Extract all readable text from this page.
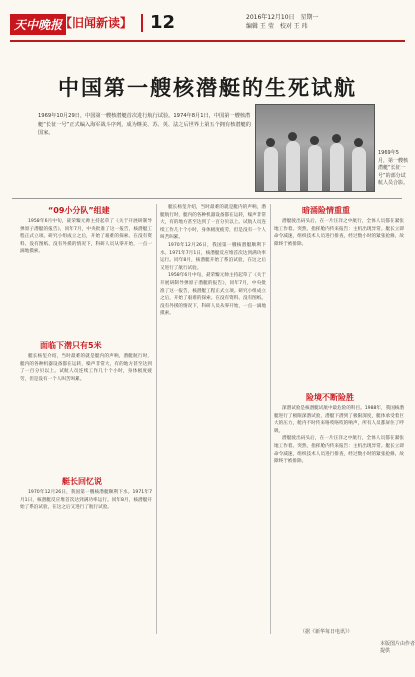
天中晚报
【旧闻新读】 12	2016年12月10日　星期一
编辑 王 莹　校对 王 玮
中国第一艘核潜艇的生死试航
1969年10月29日，中国第一艘核潜艇首次进行航行试验。1974年8月1日，中国第一艘核潜艇“长征一号”正式编入海军战斗序列，成为继美、苏、英、法之后世界上第五个拥有核潜艇的国家。
1969年5月，第一艘核潜艇“长征一号”的部分试航人员合影。
“09小分队”组建

1958年6月中旬，聂荣臻元帅主持起草了《关于开展研制导弹原子潜艇的报告》，同年7月，中央批准了这一报告，核潜艇工程正式立项。研究小组成立之后，开始了艰难的探索。在没有资料、没有图纸、没有外援的情况下，科研人员从零开始，一点一滴地摸索。

面临下潜只有5米

艇长杨玺介绍，当时最难的就是艇内的声响，潜艇航行时，艇内的各种机器设备都在运转，噪声非常大，有的地方甚至达到了一百分贝以上。试航人员连续工作几十个小时，身体极度疲劳，但是没有一个人叫苦叫累。

艇长回忆说

1970年12月26日，我国第一艘核潜艇顺利下水。1971年7月1日，核潜艇反应堆首次达到满功率运行。同年8月，核潜艇开始了系泊试验，在这之后又进行了航行试验。

艇长杨玺介绍，当时最难的就是艇内的声响，潜艇航行时，艇内的各种机器设备都在运转，噪声非常大，有的地方甚至达到了一百分贝以上。试航人员连续工作几十个小时，身体极度疲劳，但是没有一个人叫苦叫累。

1970年12月26日，我国第一艘核潜艇顺利下水。1971年7月1日，核潜艇反应堆首次达到满功率运行。同年8月，核潜艇开始了系泊试验，在这之后又进行了航行试验。

1958年6月中旬，聂荣臻元帅主持起草了《关于开展研制导弹原子潜艇的报告》，同年7月，中央批准了这一报告，核潜艇工程正式立项。研究小组成立之后，开始了艰难的探索。在没有资料、没有图纸、没有外援的情况下，科研人员从零开始，一点一滴地摸索。

暗涌险情重重

潜艇驶出码头后，在一片汪洋之中航行，全体人员都在紧张地工作着。突然，指挥舱内传来报告：主机出现异常。艇长立即命令减速，组织技术人员进行排查，经过数小时的紧张抢修，故障终于被排除。

险境不断险胜

深潜试验是核潜艇试航中最危险的科目。1988年，我国核潜艇进行了极限深潜试验，潜艇下潜到了极限深度，艇体承受着巨大的压力，舱内不时传来咯吱咯吱的响声，所有人员都屏住了呼吸。

潜艇驶出码头后，在一片汪洋之中航行，全体人员都在紧张地工作着。突然，指挥舱内传来报告：主机出现异常。艇长立即命令减速，组织技术人员进行排查，经过数小时的紧张抢修，故障终于被排除。

（据《新华每日电讯》）
本版图片由作者提供
